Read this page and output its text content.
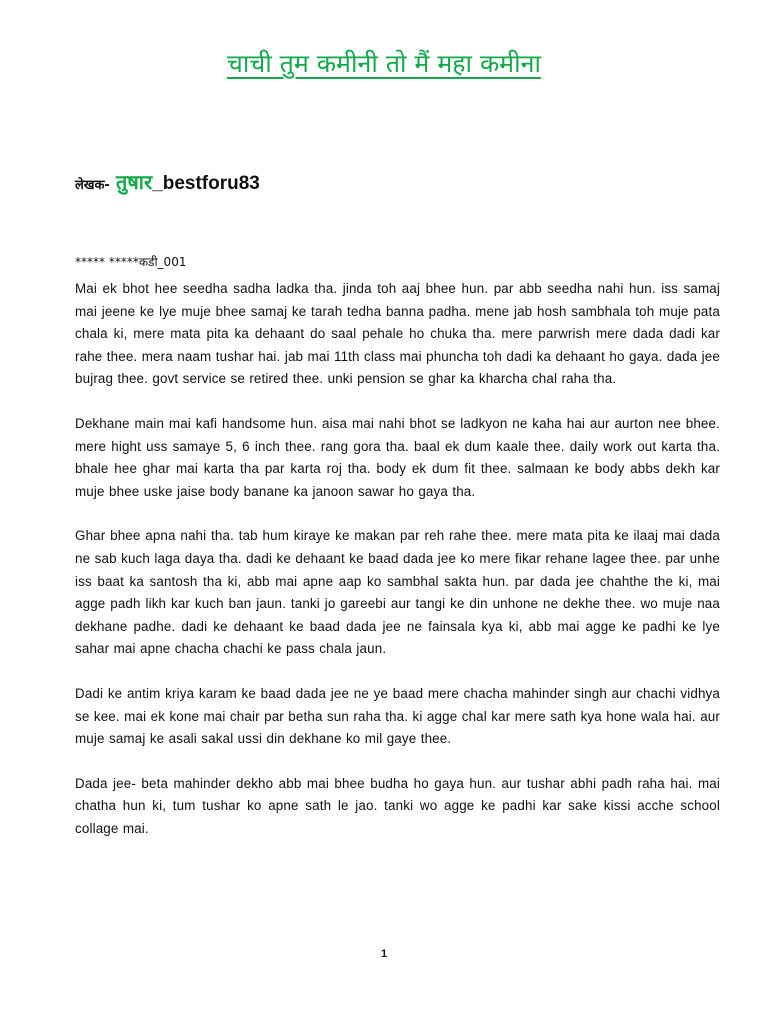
चाची तुम कमीनी तो मैं महा कमीना
लेखक- तुषार _bestforu83
***** *****कडी_001

Mai ek bhot hee seedha sadha ladka tha. jinda toh aaj bhee hun. par abb seedha nahi hun. iss samaj mai jeene ke lye muje bhee samaj ke tarah tedha banna padha. mene jab hosh sambhala toh muje pata chala ki, mere mata pita ka dehaant do saal pehale ho chuka tha. mere parwrish mere dada dadi kar rahe thee. mera naam tushar hai. jab mai 11th class mai phuncha toh dadi ka dehaant ho gaya. dada jee bujrag thee. govt service se retired thee. unki pension se ghar ka kharcha chal raha tha.

Dekhane main mai kafi handsome hun. aisa mai nahi bhot se ladkyon ne kaha hai aur aurton nee bhee. mere hight uss samaye 5, 6 inch thee. rang gora tha. baal ek dum kaale thee. daily work out karta tha. bhale hee ghar mai karta tha par karta roj tha. body ek dum fit thee. salmaan ke body abbs dekh kar muje bhee uske jaise body banane ka janoon sawar ho gaya tha.

Ghar bhee apna nahi tha. tab hum kiraye ke makan par reh rahe thee. mere mata pita ke ilaaj mai dada ne sab kuch laga daya tha. dadi ke dehaant ke baad dada jee ko mere fikar rehane lagee thee. par unhe iss baat ka santosh tha ki, abb mai apne aap ko sambhal sakta hun. par dada jee chahthe the ki, mai agge padh likh kar kuch ban jaun. tanki jo gareebi aur tangi ke din unhone ne dekhe thee. wo muje naa dekhane padhe. dadi ke dehaant ke baad dada jee ne fainsala kya ki, abb mai agge ke padhi ke lye sahar mai apne chacha chachi ke pass chala jaun.

Dadi ke antim kriya karam ke baad dada jee ne ye baad mere chacha mahinder singh aur chachi vidhya se kee. mai ek kone mai chair par betha sun raha tha. ki agge chal kar mere sath kya hone wala hai. aur muje samaj ke asali sakal ussi din dekhane ko mil gaye thee.

Dada jee- beta mahinder dekho abb mai bhee budha ho gaya hun. aur tushar abhi padh raha hai. mai chatha hun ki, tum tushar ko apne sath le jao. tanki wo agge ke padhi kar sake kissi acche school collage mai.

1
